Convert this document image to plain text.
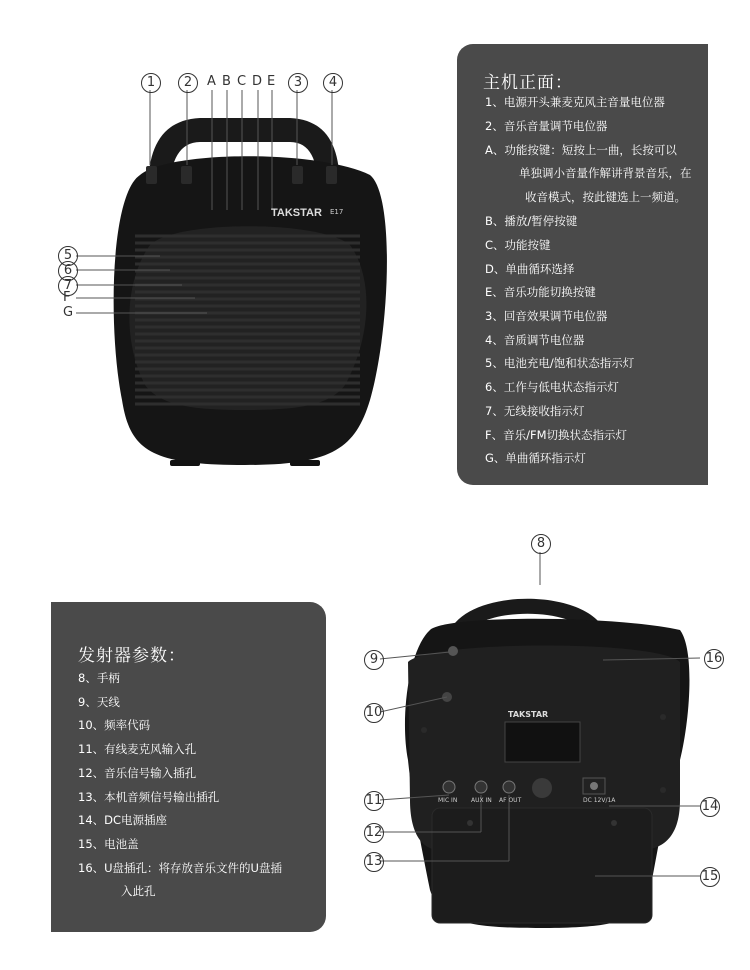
TAKSTAR E17
TAKSTAR
MIC IN AUX IN AF OUT	DC 12V/1A
1	2	3	4
A B C D E
5
6
7
F
G
8
9
10
11
12
13
14
15
16
主机正面：
1、电源开头兼麦克风主音量电位器
2、音乐音量调节电位器
A、功能按键：短按上一曲，长按可以
单独调小音量作解讲背景音乐，在
收音模式，按此键选上一频道。
B、播放/暂停按键
C、功能按键
D、单曲循环选择
E、音乐功能切换按键
3、回音效果调节电位器
4、音质调节电位器
5、电池充电/饱和状态指示灯
6、工作与低电状态指示灯
7、无线接收指示灯
F、音乐/FM切换状态指示灯
G、单曲循环指示灯
发射器参数：
8、手柄
9、天线
10、频率代码
11、有线麦克风输入孔
12、音乐信号输入插孔
13、本机音频信号输出插孔
14、DC电源插座
15、电池盖
16、U盘插孔：将存放音乐文件的U盘插
入此孔
